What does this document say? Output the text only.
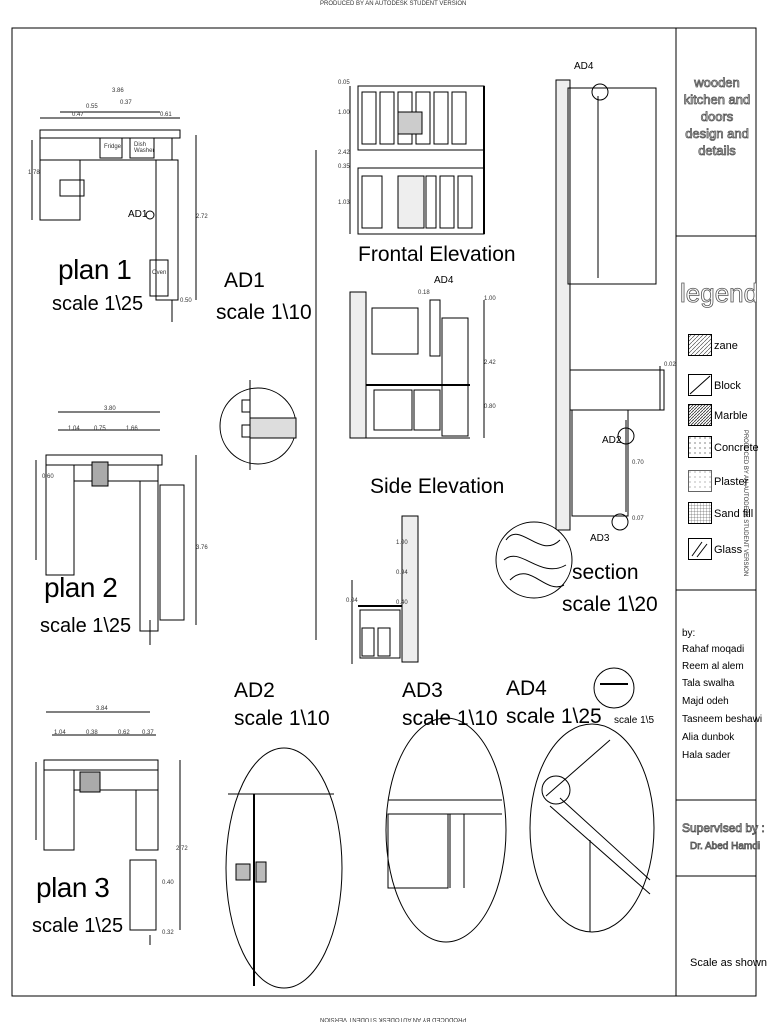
PRODUCED BY AN AUTODESK STUDENT VERSION
PRODUCED BY AN AUTODESK STUDENT VERSION
PRODUCED BY AN AUTODESK STUDENT VERSION
wooden kitchen and doors design and details
legend
zane
Block
Marble
Concrete
Plaster
Sand fill
Glass
by:
Rahaf moqadi
Reem al alem
Tala swalha
Majd odeh
Tasneem beshawi
Alia dunbok
Hala sader
Supervised by :
Dr. Abed Hamdi
Scale as shown
plan 1
scale 1\25
AD1
3.86
0.55
0.37
0.47	0.61
1.78
2.72
0.50
Fridge Dish Washer
Oven
plan 2
scale 1\25
3.80
1.04 0.75	1.66
3.76
0.60
plan 3
scale 1\25
3.84
1.04	0.38	0.62 0.37
2.72
0.40
0.32
AD1
scale 1\10
Frontal Elevation
1.00
0.05
2.42
0.35
1.03
Side Elevation
AD4
0.18
2.42
0.80
1.00
1.00
0.94
0.40
0.04
section
scale 1\20
AD4
AD2
AD3
0.02
0.70
0.07
AD2
scale 1\10
AD3
scale 1\10
AD4
scale 1\25 scale 1\5
